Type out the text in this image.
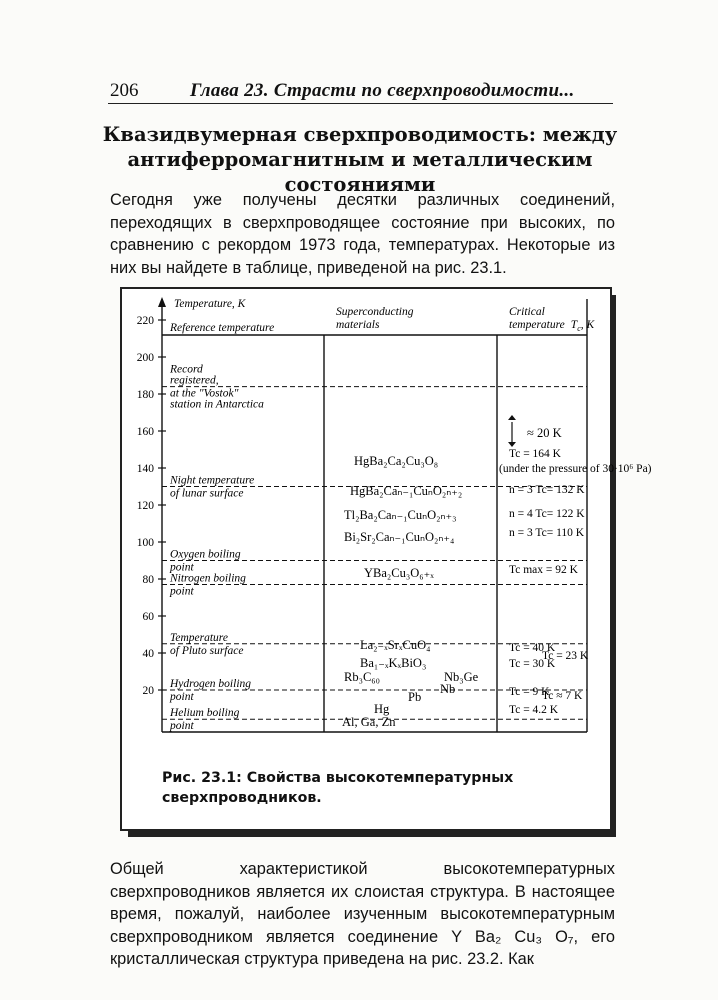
206	Глава 23. Страсти по сверхпроводимости...
Квазидвумерная сверхпроводимость: между антиферромагнитным и металлическим состояниями
Сегодня уже получены десятки различных соединений, переходящих в сверхпроводящее состояние при высоких, по сравнению с рекордом 1973 года, температурах. Некоторые из них вы найдете в таблице, приведеной на рис. 23.1.
Temperature, K
Reference temperature
Superconducting
materials
Critical
temperature $T_c$, K
20
40
60
80
100
120
140
160
180
200
220
Record
registered,
at the "Vostok"
station in Antarctica
Night temperature
of lunar surface
Oxygen boiling
point
Nitrogen boiling
point
Temperature
of Pluto surface
Hydrogen boiling
point
Helium boiling
point
HgBa₂Ca₂Cu₃O₈
HgBa₂Caₙ₋₁CuₙO₂ₙ₊₂
Tl₂Ba₂Caₙ₋₁CuₙO₂ₙ₊₃
Bi₂Sr₂Caₙ₋₁CuₙO₂ₙ₊₄
YBa₂Cu₃O₆₊ₓ
La₂₋ₓSrₓCuO₄
Ba₁₋ₓKₓBiO₃
Rb₃C₆₀	Nb₃Ge
Nb
Pb
Hg
Al, Ga, Zn
≈ 20 K
Tc = 164 K
(under the pressure of 30·10⁶ Pa)
n = 3 Tc= 132 K
n = 4 Tc= 122 K
n = 3 Tc= 110 K
Tc max = 92 K
Tc = 40 K
Tc = 30 K
Tc = 23 K
Tc = 9 K
Tc ≈ 7 K
Tc = 4.2 K
Рис. 23.1: Свойства высокотемпературных сверхпроводников.
Общей характеристикой высокотемпературных сверхпроводников является их слоистая структура. В настоящее время, пожалуй, наиболее изученным высокотемпературным сверхпроводником является соединение Y Ba₂ Cu₃ O₇, его кристаллическая структура приведена на рис. 23.2. Как
